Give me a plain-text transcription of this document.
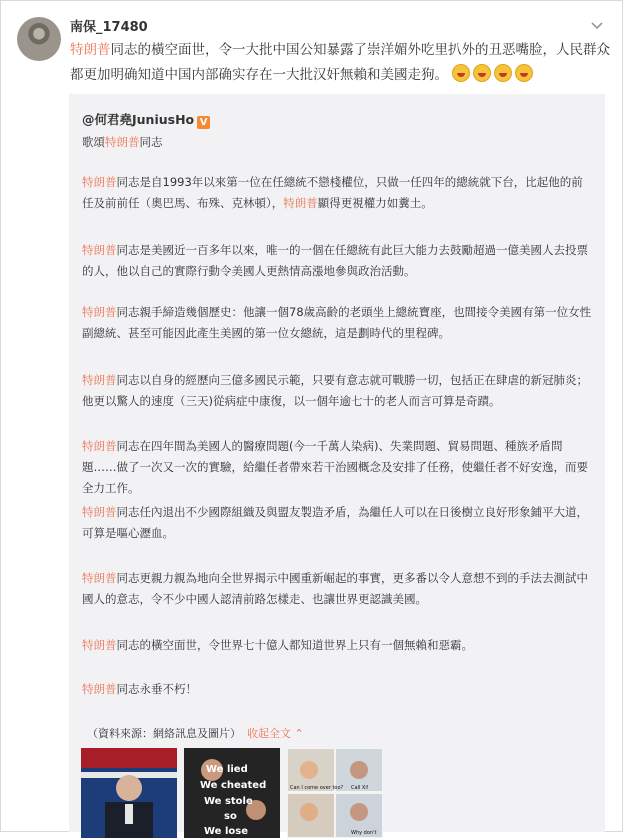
南保_17480
特朗普同志的橫空面世，令一大批中国公知暴露了崇洋媚外吃里扒外的丑恶嘴脸，人民群众都更加明确知道中国内部确实存在一大批汉奸無賴和美國走狗。
@何君堯JuniusHo V
歌頌特朗普同志
特朗普同志是自1993年以來第一位在任總統不戀棧權位，只做一任四年的總統就下台，比起他的前任及前前任（奧巴馬、布殊、克林頓），特朗普顯得更視權力如糞土。
特朗普同志是美國近一百多年以來，唯一的一個在任總統有此巨大能力去鼓勵超過一億美國人去投票的人，他以自己的實際行動令美國人更熱情高漲地參與政治活動。
特朗普同志親手締造幾個歷史：他讓一個78歲高齡的老頭坐上總統寶座，也間接令美國有第一位女性副總統、甚至可能因此產生美國的第一位女總統，這是劃時代的里程碑。
特朗普同志以自身的經歷向三億多國民示範，只要有意志就可戰勝一切，包括正在肆虐的新冠肺炎；他更以驚人的速度（三天)從病症中康復，以一個年逾七十的老人而言可算是奇蹟。
特朗普同志在四年間為美國人的醫療問題(今一千萬人染病)、失業問題、貿易問題、種族矛盾問題……做了一次又一次的實驗，給繼任者帶來若干治國概念及安排了任務，使繼任者不好安逸，而要全力工作。
特朗普同志任內退出不少國際組織及與盟友製造矛盾，為繼任人可以在日後樹立良好形象鋪平大道，可算是嘔心瀝血。
特朗普同志更親力親為地向全世界揭示中國重新崛起的事實，更多番以令人意想不到的手法去測試中國人的意志，令不少中國人認清前路怎樣走、也讓世界更認識美國。
特朗普同志的橫空面世，令世界七十億人都知道世界上只有一個無賴和惡霸。
特朗普同志永垂不朽！
（資料來源：網絡訊息及圖片） 收起全文 ⌃
We lied
We cheated
We stole
so
We lose
Can I come over too? Call Xi!
Why don't
